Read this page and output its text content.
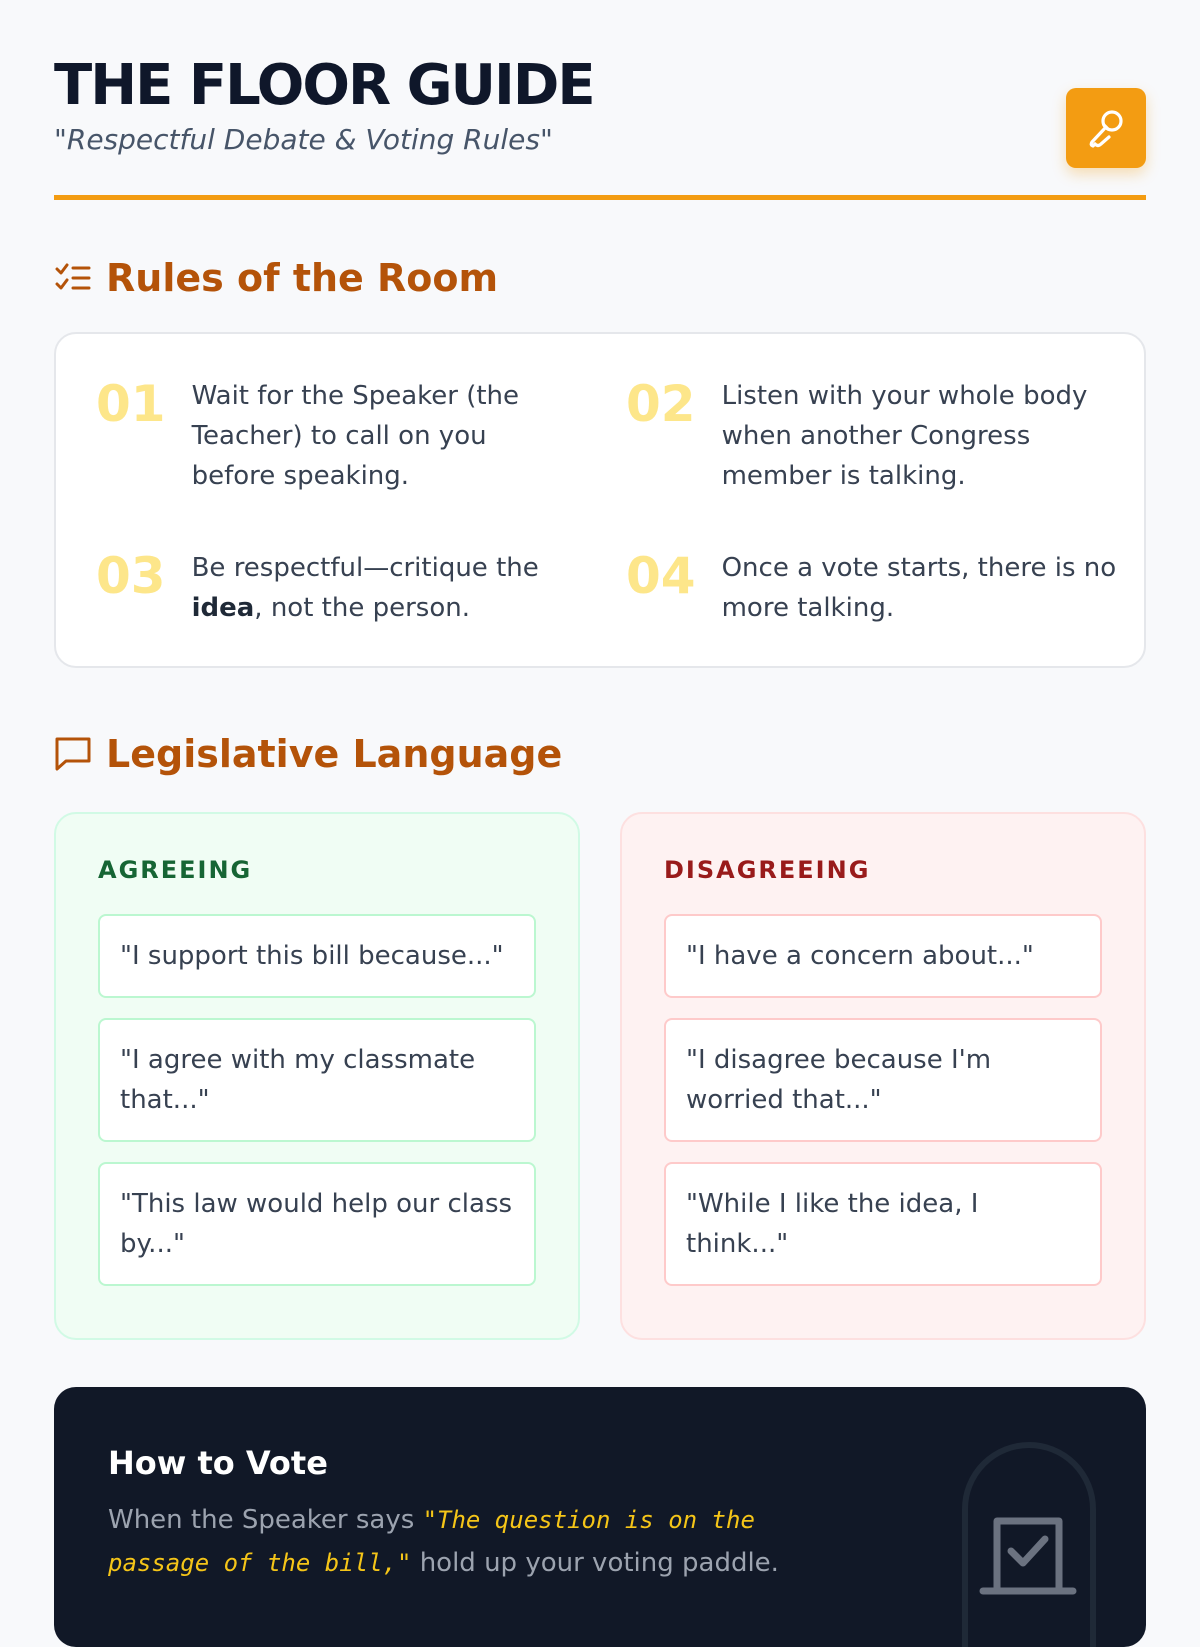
THE FLOOR GUIDE
"Respectful Debate & Voting Rules"
Rules of the Room
01 Wait for the Speaker (the Teacher) to call on you before speaking.
02 Listen with your whole body when another Congress member is talking.
03 Be respectful—critique the idea, not the person.
04 Once a vote starts, there is no more talking.
Legislative Language
AGREEING
"I support this bill because..."
"I agree with my classmate that..."
"This law would help our class by..."
DISAGREEING
"I have a concern about..."
"I disagree because I'm worried that..."
"While I like the idea, I think..."
How to Vote
When the Speaker says "The question is on the passage of the bill," hold up your voting paddle.
